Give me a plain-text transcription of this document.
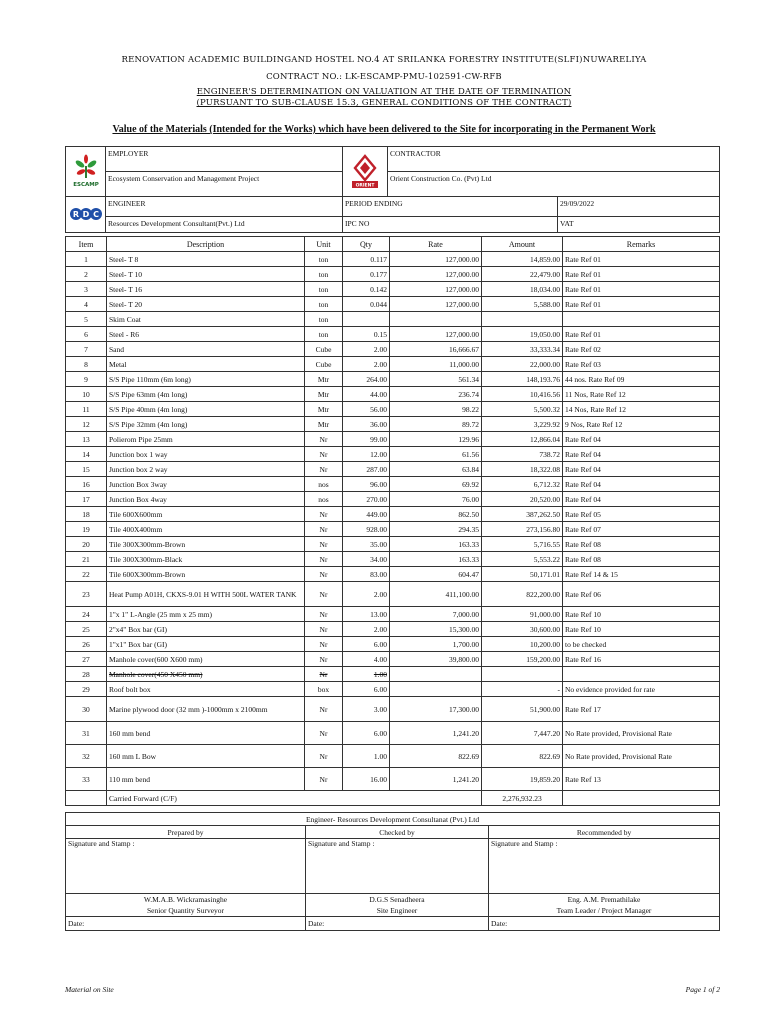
RENOVATION ACADEMIC BUILDINGAND HOSTEL NO.4 AT SRILANKA FORESTRY INSTITUTE(SLFI)NUWARELIYA
CONTRACT NO.: LK-ESCAMP-PMU-102591-CW-RFB
ENGINEER'S DETERMINATION ON VALUATION AT THE DATE OF TERMINATION
(PURSUANT TO SUB-CLAUSE 15.3, GENERAL CONDITIONS OF THE CONTRACT)
Value of the Materials (Intended for the Works) which have been delivered to the Site for incorporating in the Permanent Work
ESCAMP	EMPLOYER	ORIENT	CONTRACTOR	
	Ecosystem Conservation and Management Project		Orient Construction Co. (Pvt) Ltd	

R D C	ENGINEER	PERIOD ENDING		29/09/2022
	Resources Development Consultant(Pvt.) Ltd	IPC NO		VAT
Item	Description	Unit	Qty	Rate	Amount	Remarks
1	Steel- T 8	ton	0.117	127,000.00	14,859.00	Rate Ref 01
2	Steel- T 10	ton	0.177	127,000.00	22,479.00	Rate Ref 01
3	Steel- T 16	ton	0.142	127,000.00	18,034.00	Rate Ref 01
4	Steel- T 20	ton	0.044	127,000.00	5,588.00	Rate Ref 01
5	Skim Coat	ton				
6	Steel - R6	ton	0.15	127,000.00	19,050.00	Rate Ref 01
7	Sand	Cube	2.00	16,666.67	33,333.34	Rate Ref 02
8	Metal	Cube	2.00	11,000.00	22,000.00	Rate Ref 03
9	S/S Pipe 110mm (6m long)	Mtr	264.00	561.34	148,193.76	44 nos. Rate Ref 09
10	S/S Pipe 63mm (4m long)	Mtr	44.00	236.74	10,416.56	11 Nos, Rate Ref 12
11	S/S Pipe 40mm (4m long)	Mtr	56.00	98.22	5,500.32	14 Nos, Rate Ref 12
12	S/S Pipe 32mm (4m long)	Mtr	36.00	89.72	3,229.92	9 Nos, Rate Ref 12
13	Polierom Pipe 25mm	Nr	99.00	129.96	12,866.04	Rate Ref 04
14	Junction box 1 way	Nr	12.00	61.56	738.72	Rate Ref 04
15	Junction box 2 way	Nr	287.00	63.84	18,322.08	Rate Ref 04
16	Junction Box 3way	nos	96.00	69.92	6,712.32	Rate Ref 04
17	Junction Box 4way	nos	270.00	76.00	20,520.00	Rate Ref 04
18	Tile 600X600mm	Nr	449.00	862.50	387,262.50	Rate Ref 05
19	Tile 400X400mm	Nr	928.00	294.35	273,156.80	Rate Ref 07
20	Tile 300X300mm-Brown	Nr	35.00	163.33	5,716.55	Rate Ref 08
21	Tile 300X300mm-Black	Nr	34.00	163.33	5,553.22	Rate Ref 08
22	Tile 600X300mm-Brown	Nr	83.00	604.47	50,171.01	Rate Ref 14 & 15
23	Heat Pump A01H, CKXS-9.01 H WITH 500L WATER TANK	Nr	2.00	411,100.00	822,200.00	Rate Ref 06
24	1"x 1" L-Angle (25 mm x 25 mm)	Nr	13.00	7,000.00	91,000.00	Rate Ref 10
25	2"x4" Box bar (GI)	Nr	2.00	15,300.00	30,600.00	Rate Ref 10
26	1"x1" Box bar (GI)	Nr	6.00	1,700.00	10,200.00	to be checked
27	Manhole cover(600 X600 mm)	Nr	4.00	39,800.00	159,200.00	Rate Ref 16
28	Manhole cover(450 X450 mm)	Nr	1.00			
29	Roof bolt box	box	6.00		-	No evidence provided for rate
30	Marine plywood door (32 mm )-1000mm x 2100mm	Nr	3.00	17,300.00	51,900.00	Rate Ref 17
31	160 mm bend	Nr	6.00	1,241.20	7,447.20	No Rate provided, Provisional Rate
32	160 mm L Bow	Nr	1.00	822.69	822.69	No Rate provided, Provisional Rate
33	110 mm bend	Nr	16.00	1,241.20	19,859.20	Rate Ref 13
	Carried Forward (C/F)				2,276,932.23	
Engineer- Resources Development Consultanat (Pvt.) Ltd		
Prepared by	Checked by	Recommended by
Signature and Stamp :	Signature and Stamp :	Signature and Stamp :
W.M.A.B. Wickramasinghe	D.G.S Senadheera	Eng. A.M. Premathilake
Senior Quantity Surveyor	Site Engineer	Team Leader / Project Manager
Date:	Date:	Date:
Material on Site	Page 1 of 2
